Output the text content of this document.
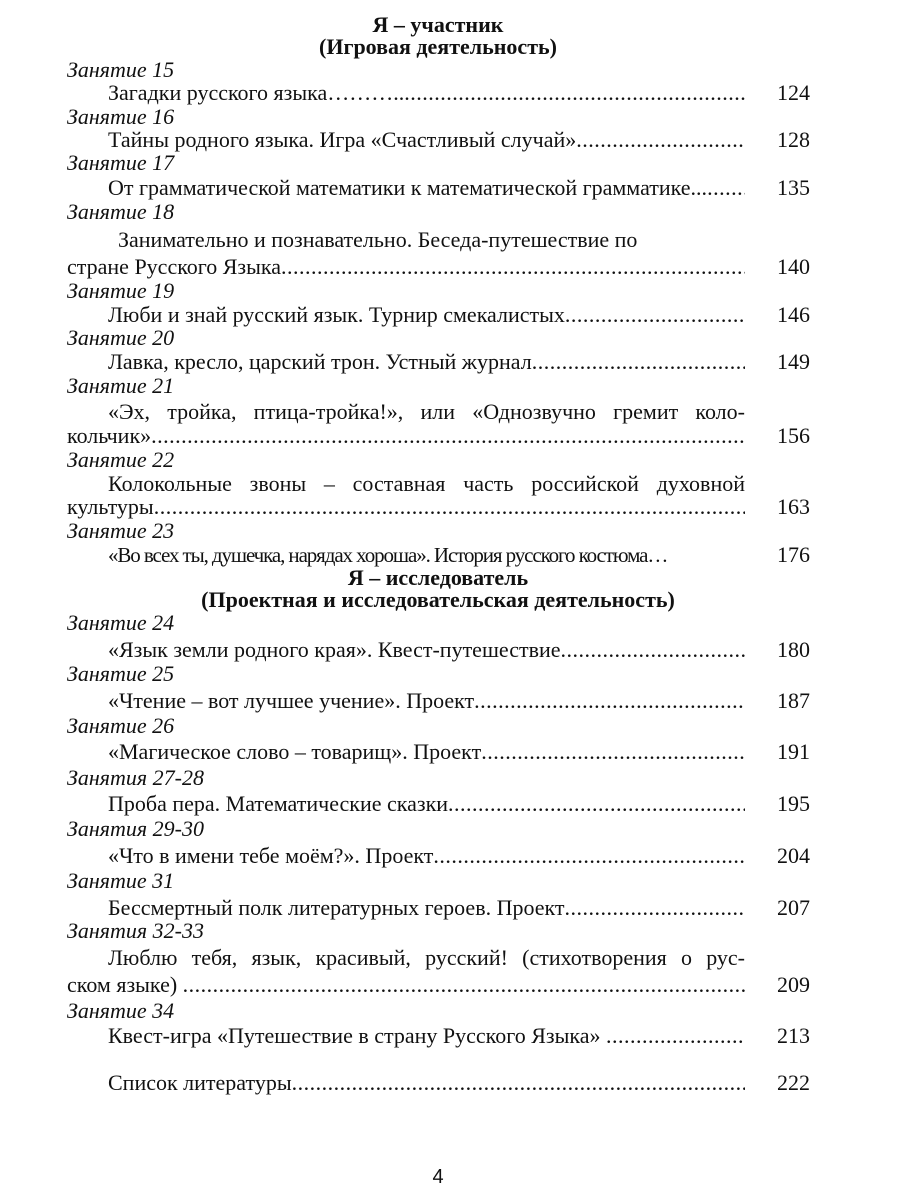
Я – участник
(Игровая деятельность)
Занятие 15
Загадки русского языка……….. .....	124
Занятие 16
Тайны родного языка. Игра «Счастливый случай» .....	128
Занятие 17
От грамматической математики к математической грамматике... .....	135
Занятие 18
Занимательно и познавательно. Беседа-путешествие по
стране Русского Языка .....	140
Занятие 19
Люби и знай русский язык. Турнир смекалистых .....	146
Занятие 20
Лавка, кресло, царский трон. Устный журнал .....	149
Занятие 21
«Эх, тройка, птица-тройка!», или «Однозвучно гремит коло-
кольчик» .....	156
Занятие 22
Колокольные звоны – составная часть российской духовной
культуры .....	163
Занятие 23
«Во всех ты, душечка, нарядах хороша». История русского костюма…	176
Я – исследователь
(Проектная и исследовательская деятельность)
Занятие 24
«Язык земли родного края». Квест-путешествие .....	180
Занятие 25
«Чтение – вот лучшее учение». Проект .....	187
Занятие 26
«Магическое слово – товарищ». Проект .....	191
Занятия 27-28
Проба пера. Математические сказки .....	195
Занятия 29-30
«Что в имени тебе моём?». Проект .....	204
Занятие 31
Бессмертный полк литературных героев. Проект .....	207
Занятия 32-33
Люблю тебя, язык, красивый, русский! (стихотворения о рус-
ском языке) .....	209
Занятие 34
Квест-игра «Путешествие в страну Русского Языка» .....	213
Список литературы .....	222
4
